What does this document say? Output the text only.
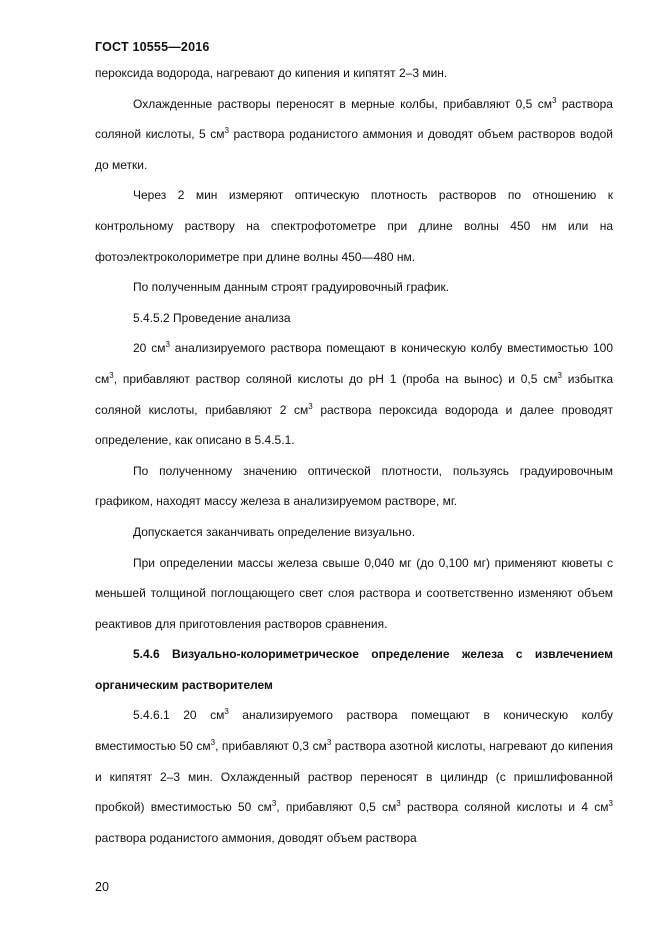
ГОСТ 10555—2016

пероксида водорода, нагревают до кипения и кипятят 2–3 мин.

Охлажденные растворы переносят в мерные колбы, прибавляют 0,5 $см^3$ раствора соляной кислоты, 5 $см^3$ раствора роданистого аммония и доводят объем растворов водой до метки.

Через 2 мин измеряют оптическую плотность растворов по отношению к контрольному раствору на спектрофотометре при длине волны 450 нм или на фотоэлектроколориметре при длине волны 450—480 нм.

По полученным данным строят градуировочный график.

5.4.5.2 Проведение анализа

20 $см^3$ анализируемого раствора помещают в коническую колбу вместимостью 100 $см^3$, прибавляют раствор соляной кислоты до pH 1 (проба на вынос) и 0,5 $см^3$ избытка соляной кислоты, прибавляют 2 $см^3$ раствора пероксида водорода и далее проводят определение, как описано в 5.4.5.1.

По полученному значению оптической плотности, пользуясь градуировочным графиком, находят массу железа в анализируемом растворе, мг.

Допускается заканчивать определение визуально.

При определении массы железа свыше 0,040 мг (до 0,100 мг) применяют кюветы с меньшей толщиной поглощающего свет слоя раствора и соответственно изменяют объем реактивов для приготовления растворов сравнения.

5.4.6 Визуально-колориметрическое определение железа с извлечением органическим растворителем

5.4.6.1 20 $см^3$ анализируемого раствора помещают в коническую колбу вместимостью 50 $см^3$, прибавляют 0,3 $см^3$ раствора азотной кислоты, нагревают до кипения и кипятят 2–3 мин. Охлажденный раствор переносят в цилиндр (с пришлифованной пробкой) вместимостью 50 $см^3$, прибавляют 0,5 $см^3$ раствора соляной кислоты и 4 $см^3$ раствора роданистого аммония, доводят объем раствора

20
